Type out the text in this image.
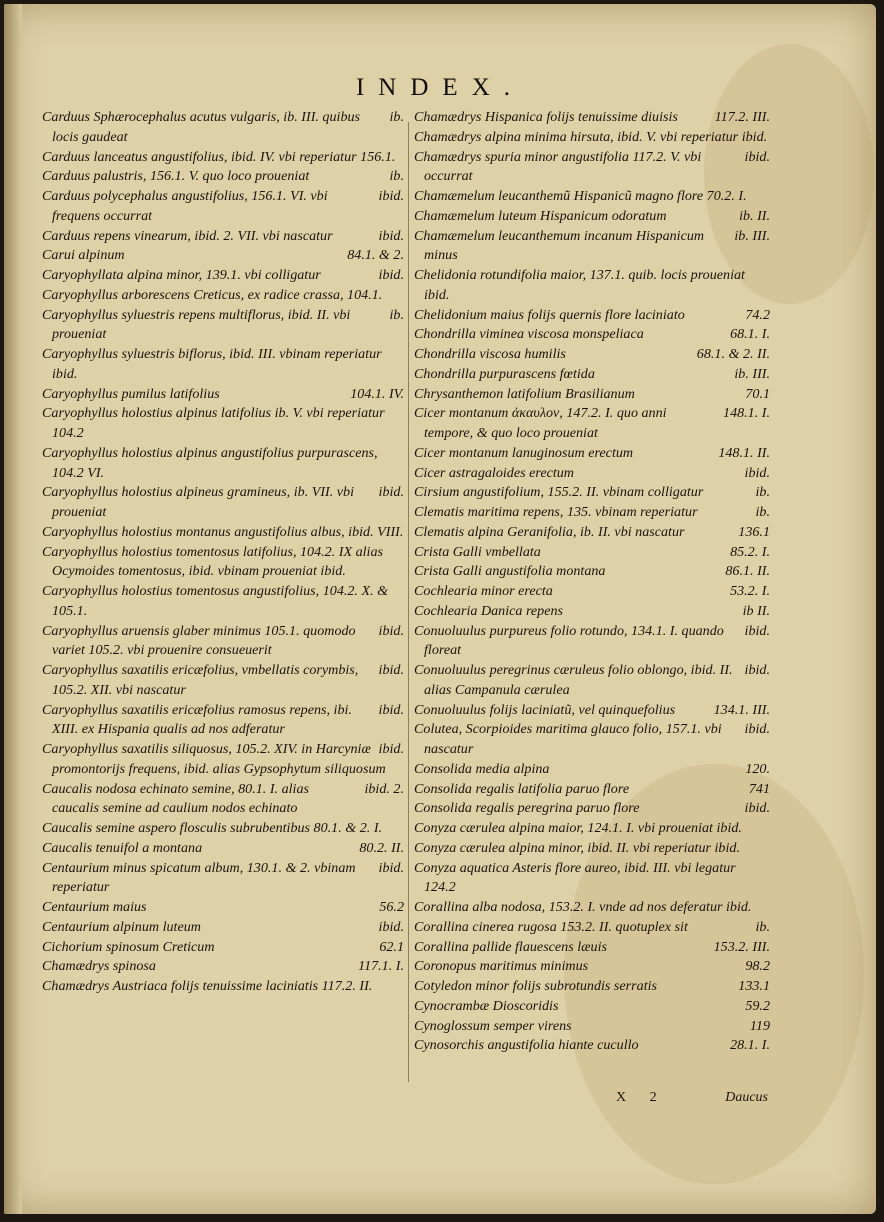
INDEX.
ib.
Carduus Sphærocephalus acutus vulgaris, ib. III. quibus locis gaudeat
Carduus lanceatus angustifolius, ibid. IV. vbi reperiatur 156.1.
ib.
Carduus palustris, 156.1. V. quo loco proueniat
ibid.
Carduus polycephalus angustifolius, 156.1. VI. vbi frequens occurrat
ibid.
Carduus repens vinearum, ibid. 2. VII. vbi nascatur
84.1. & 2.
Carui alpinum
ibid.
Caryophyllata alpina minor, 139.1. vbi colligatur
Caryophyllus arborescens Creticus, ex radice crassa, 104.1.
ib.
Caryophyllus syluestris repens multiflorus, ibid. II. vbi proueniat
Caryophyllus syluestris biflorus, ibid. III. vbinam reperiatur ibid.
104.1. IV.
Caryophyllus pumilus latifolius
Caryophyllus holostius alpinus latifolius ib. V. vbi reperiatur 104.2
Caryophyllus holostius alpinus angustifolius purpurascens, 104.2 VI.
ibid.
Caryophyllus holostius alpineus gramineus, ib. VII. vbi proueniat
Caryophyllus holostius montanus angustifolius albus, ibid. VIII.
Caryophyllus holostius tomentosus latifolius, 104.2. IX alias Ocymoides tomentosus, ibid. vbinam proueniat ibid.
Caryophyllus holostius tomentosus angustifolius, 104.2. X. & 105.1.
ibid.
Caryophyllus aruensis glaber minimus 105.1. quomodo variet 105.2. vbi prouenire consueuerit
ibid.
Caryophyllus saxatilis ericæfolius, vmbellatis corymbis, 105.2. XII. vbi nascatur
ibid.
Caryophyllus saxatilis ericæfolius ramosus repens, ibi. XIII. ex Hispania qualis ad nos adferatur
ibid.
Caryophyllus saxatilis siliquosus, 105.2. XIV. in Harcyniæ promontorijs frequens, ibid. alias Gypsophytum siliquosum
ibid. 2.
Caucalis nodosa echinato semine, 80.1. I. alias caucalis semine ad caulium nodos echinato
Caucalis semine aspero flosculis subrubentibus 80.1. & 2. I.
80.2. II.
Caucalis tenuifol a montana
ibid.
Centaurium minus spicatum album, 130.1. & 2. vbinam reperiatur
56.2
Centaurium maius
ibid.
Centaurium alpinum luteum
62.1
Cichorium spinosum Creticum
117.1. I.
Chamædrys spinosa
Chamædrys Austriaca folijs tenuissime laciniatis 117.2. II.
117.2. III.
Chamædrys Hispanica folijs tenuissime diuisis
Chamædrys alpina minima hirsuta, ibid. V. vbi reperiatur ibid.
ibid.
Chamædrys spuria minor angustifolia 117.2. V. vbi occurrat
Chamæmelum leucanthemũ Hispanicũ magno flore 70.2. I.
ib. II.
Chamæmelum luteum Hispanicum odoratum
ib. III.
Chamæmelum leucanthemum incanum Hispanicum minus
Chelidonia rotundifolia maior, 137.1. quib. locis proueniat ibid.
74.2
Chelidonium maius folijs quernis flore laciniato
68.1. I.
Chondrilla viminea viscosa monspeliaca
68.1. & 2. II.
Chondrilla viscosa humilis
ib. III.
Chondrilla purpurascens fœtida
70.1
Chrysanthemon latifolium Brasilianum
148.1. I.
Cicer montanum ἀκαυλον, 147.2. I. quo anni tempore, & quo loco proueniat
148.1. II.
Cicer montanum lanuginosum erectum
ibid.
Cicer astragaloides erectum
ib.
Cirsium angustifolium, 155.2. II. vbinam colligatur
ib.
Clematis maritima repens, 135. vbinam reperiatur
136.1
Clematis alpina Geranifolia, ib. II. vbi nascatur
85.2. I.
Crista Galli vmbellata
86.1. II.
Crista Galli angustifolia montana
53.2. I.
Cochlearia minor erecta
ib II.
Cochlearia Danica repens
ibid.
Conuoluulus purpureus folio rotundo, 134.1. I. quando floreat
ibid.
Conuoluulus peregrinus cæruleus folio oblongo, ibid. II. alias Campanula cærulea
134.1. III.
Conuoluulus folijs laciniatũ, vel quinquefolius
ibid.
Colutea, Scorpioides maritima glauco folio, 157.1. vbi nascatur
120.
Consolida media alpina
741
Consolida regalis latifolia paruo flore
ibid.
Consolida regalis peregrina paruo flore
Conyza cærulea alpina maior, 124.1. I. vbi proueniat ibid.
Conyza cærulea alpina minor, ibid. II. vbi reperiatur ibid.
Conyza aquatica Asteris flore aureo, ibid. III. vbi legatur 124.2
Corallina alba nodosa, 153.2. I. vnde ad nos deferatur ibid.
ib.
Corallina cinerea rugosa 153.2. II. quotuplex sit
153.2. III.
Corallina pallide flauescens læuis
98.2
Coronopus maritimus minimus
133.1
Cotyledon minor folijs subrotundis serratis
59.2
Cynocrambæ Dioscoridis
119
Cynoglossum semper virens
28.1. I.
Cynosorchis angustifolia hiante cucullo
X 2	Daucus
